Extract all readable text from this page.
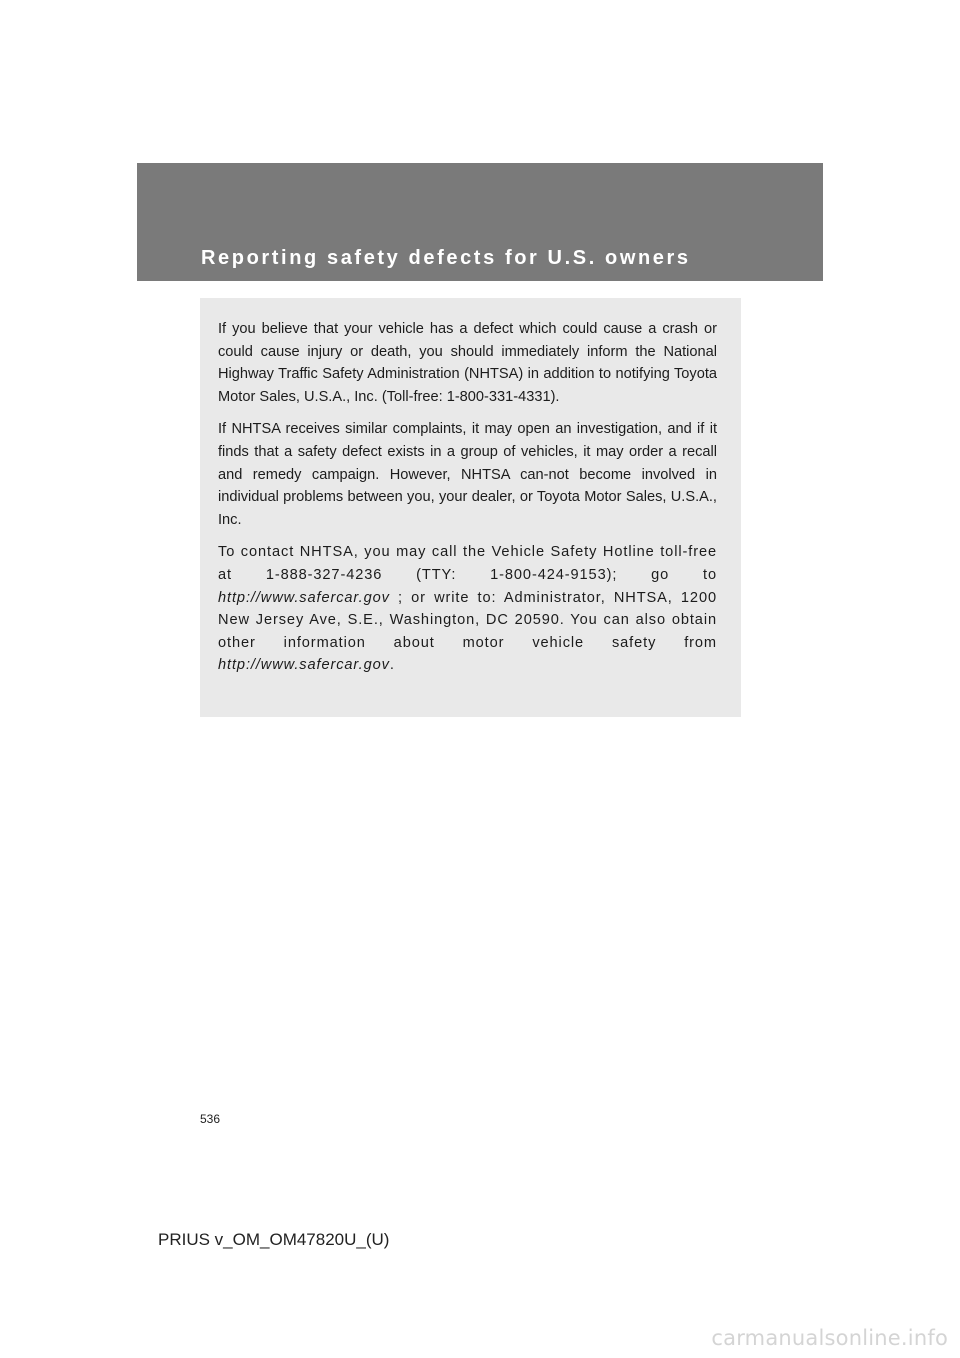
Reporting safety defects for U.S. owners

If you believe that your vehicle has a defect which could cause a crash or could cause injury or death, you should immediately inform the National Highway Traffic Safety Administration (NHTSA) in addition to notifying Toyota Motor Sales, U.S.A., Inc. (Toll-free: 1-800-331-4331).

If NHTSA receives similar complaints, it may open an investigation, and if it finds that a safety defect exists in a group of vehicles, it may order a recall and remedy campaign. However, NHTSA can-not become involved in individual problems between you, your dealer, or Toyota Motor Sales, U.S.A., Inc.

To contact NHTSA, you may call the Vehicle Safety Hotline toll-free at 1-888-327-4236 (TTY: 1-800-424-9153); go to http://www.safercar.gov ; or write to: Administrator, NHTSA, 1200 New Jersey Ave, S.E., Washington, DC 20590. You can also obtain other information about motor vehicle safety from http://www.safercar.gov.

536
PRIUS v_OM_OM47820U_(U)
carmanualsonline.info
